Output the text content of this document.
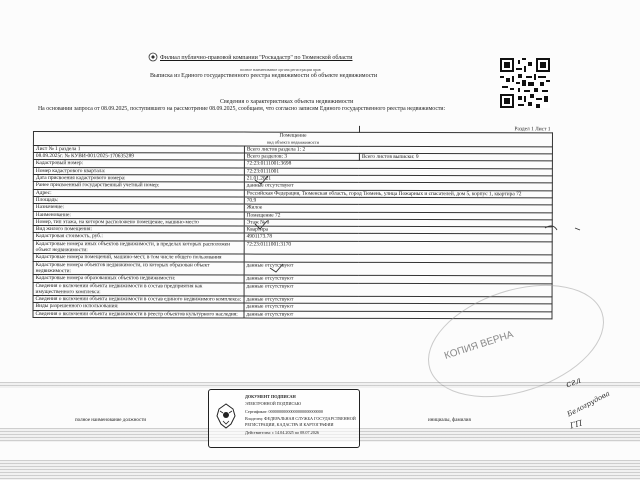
Филиал публично-правовой компании "Роскадастр" по Тюменской области
полное наименование органа регистрации прав
Выписка из Единого государственного реестра недвижимости об объекте недвижимости
Сведения о характеристиках объекта недвижимости
На основании запроса от 08.09.2025, поступившего на рассмотрение 08.09.2025, сообщаем, что согласно записям Единого государственного реестра недвижимости:
		Раздел 1 Лист 1

Помещение
вид объекта недвижимости		

Лист № 1 раздела 1	Всего листов раздела 1: 2	
08.09.2025г. № КУВИ-001/2025-170635289	Всего разделов: 3	Всего листов выписки: 9
Кадастровый номер:	72:23:0111001:3698	
Номер кадастрового квартала:	72:23:0111001	
Дата присвоения кадастрового номера:	21.01.2021	
Ранее присвоенный государственный учетный номер:	данные отсутствуют	
Адрес:	Российская Федерация, Тюменская область, город Тюмень, улица Пожарных и спасателей, дом 5, корпус 1, квартира 72	
Площадь:	70.9	
Назначение:	Жилое	
Наименование:	Помещение 72	
Номер, тип этажа, на котором расположено помещение, машино-место	Этаж № 8	
Вид жилого помещения:	Квартира	
Кадастровая стоимость, руб.:	4901173.78	
Кадастровые номера иных объектов недвижимости, в пределах которых расположен объект недвижимости:	72:23:0111001:3170	
Кадастровые номера помещений, машино-мест, в том числе общего пользования		
Кадастровые номера объектов недвижимости, из которых образован объект недвижимости:	данные отсутствуют	
Кадастровые номера образованных объектов недвижимости:	данные отсутствуют	
Сведения о включении объекта недвижимости в состав предприятия как имущественного комплекса:	данные отсутствуют	
Сведения о включении объекта недвижимости в состав единого недвижимого комплекса:	данные отсутствуют	
Виды разрешенного использования:	данные отсутствуют	
Сведения о включении объекта недвижимости в реестр объектов культурного наследия:	данные отсутствуют	
КОПИЯ ВЕРНА
ДОКУМЕНТ ПОДПИСАН
ЭЛЕКТРОННОЙ ПОДПИСЬЮ
Сертификат: 00000000000000000000000000
Владелец: ФЕДЕРАЛЬНАЯ СЛУЖБА ГОСУДАРСТВЕННОЙ
РЕГИСТРАЦИИ, КАДАСТРА И КАРТОГРАФИИ
Действителен: с 14.04.2025 по 08.07.2026
полное наименование должности	инициалы, фамилия
сгл
Белогрудова
ГП
